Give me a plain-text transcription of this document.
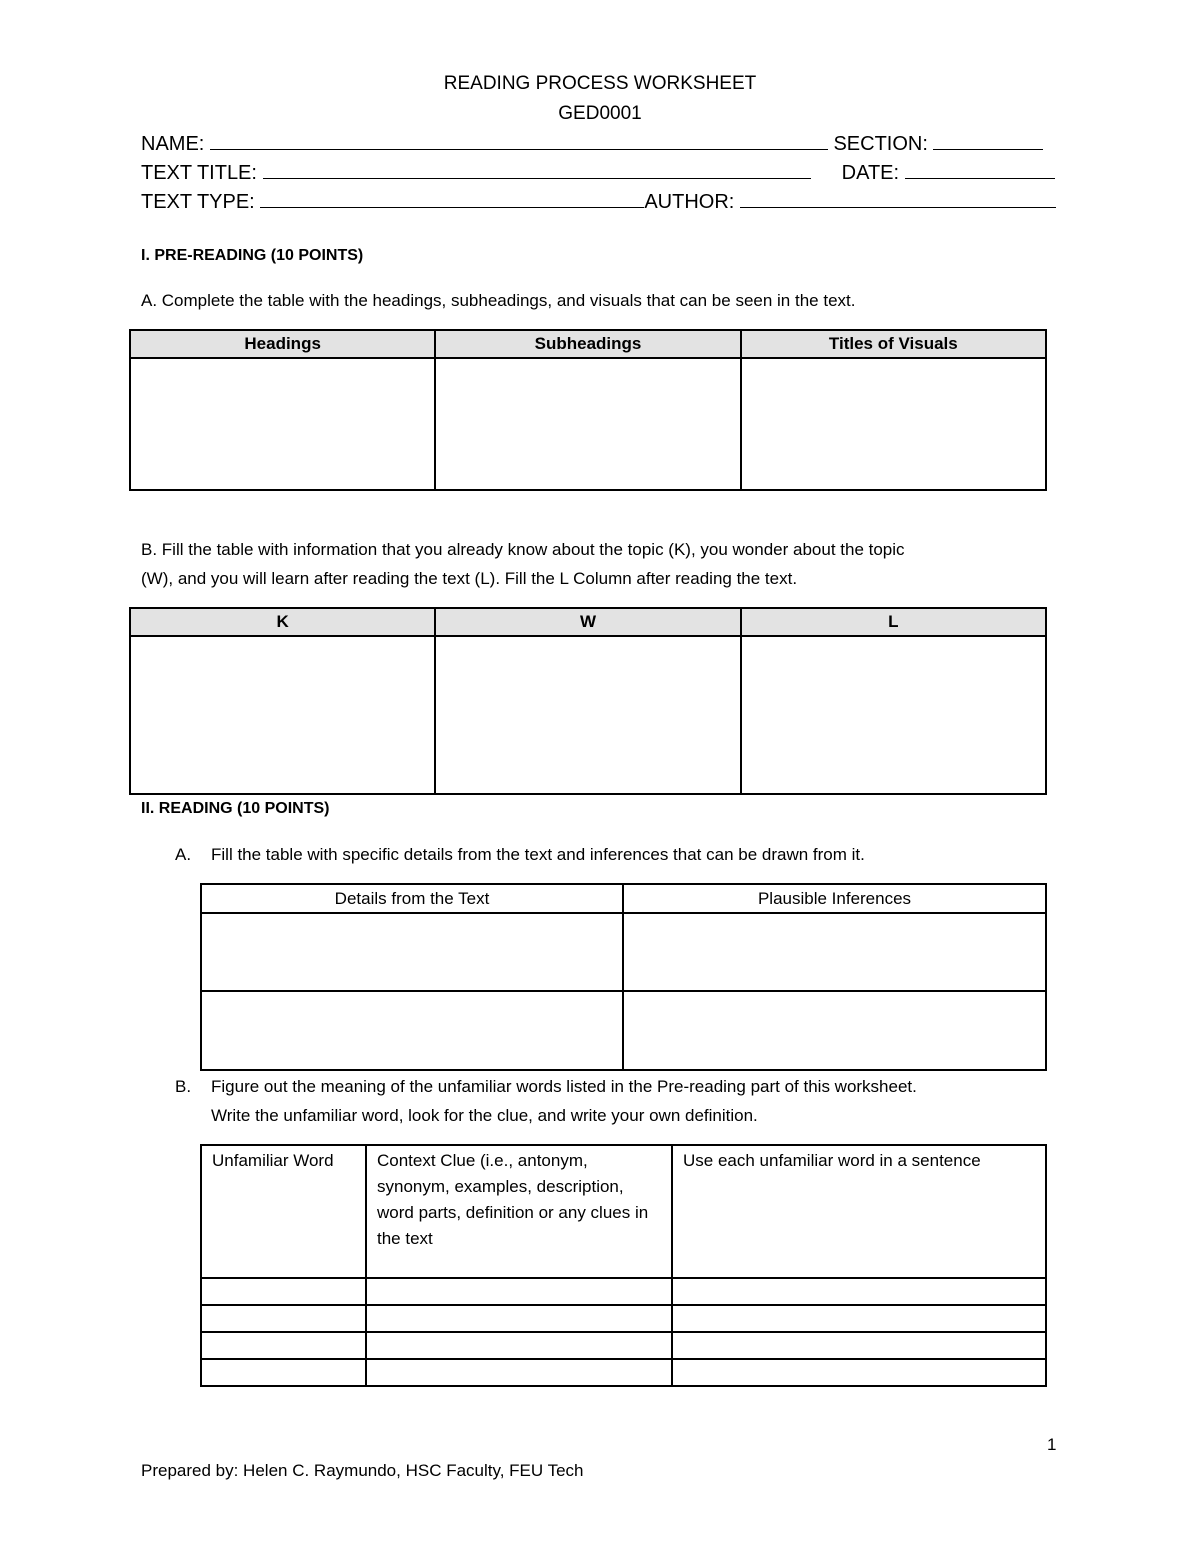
READING PROCESS WORKSHEET
GED0001
NAME:	SECTION:
TEXT TITLE:	DATE:
TEXT TYPE:	AUTHOR:
I. PRE-READING (10 POINTS)
A. Complete the table with the headings, subheadings, and visuals that can be seen in the text.
Headings	Subheadings	Titles of Visuals

B. Fill the table with information that you already know about the topic (K), you wonder about the topic
(W), and you will learn after reading the text (L). Fill the L Column after reading the text.
K	W	L

II. READING (10 POINTS)
A. Fill the table with specific details from the text and inferences that can be drawn from it.
Details from the Text	Plausible Inferences

B. Figure out the meaning of the unfamiliar words listed in the Pre-reading part of this worksheet.
Write the unfamiliar word, look for the clue, and write your own definition.
Unfamiliar Word	Context Clue (i.e., antonym, synonym, examples, description, word parts, definition or any clues in the text	Use each unfamiliar word in a sentence

1
Prepared by: Helen C. Raymundo, HSC Faculty, FEU Tech
